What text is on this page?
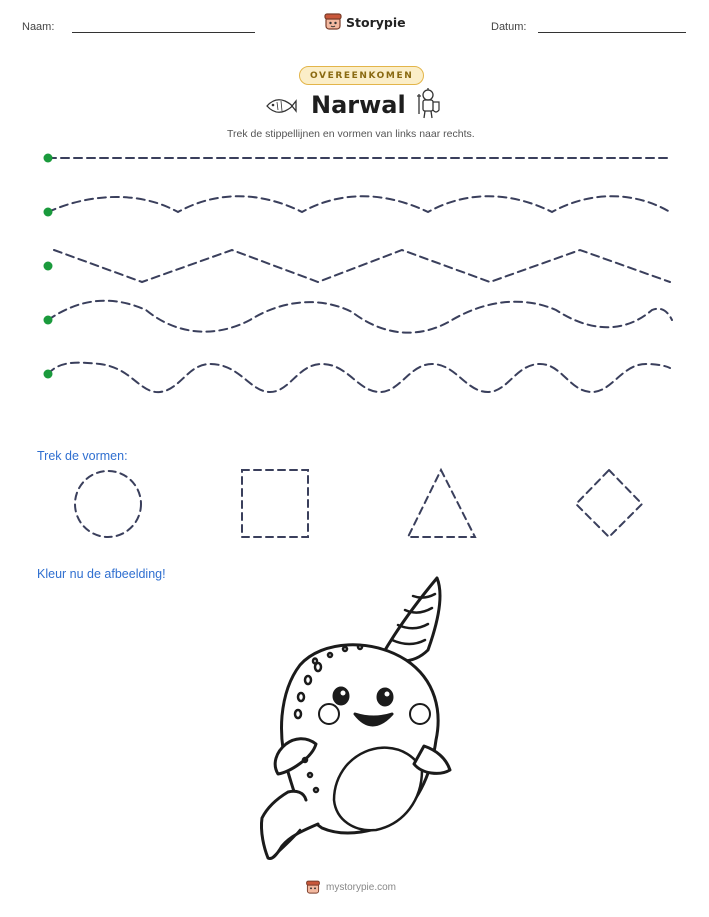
Naam:	Storypie	Datum:
OVEREENKOMEN
Narwal
Trek de stippellijnen en vormen van links naar rechts.
Trek de vormen:
Kleur nu de afbeelding!
mystorypie.com
